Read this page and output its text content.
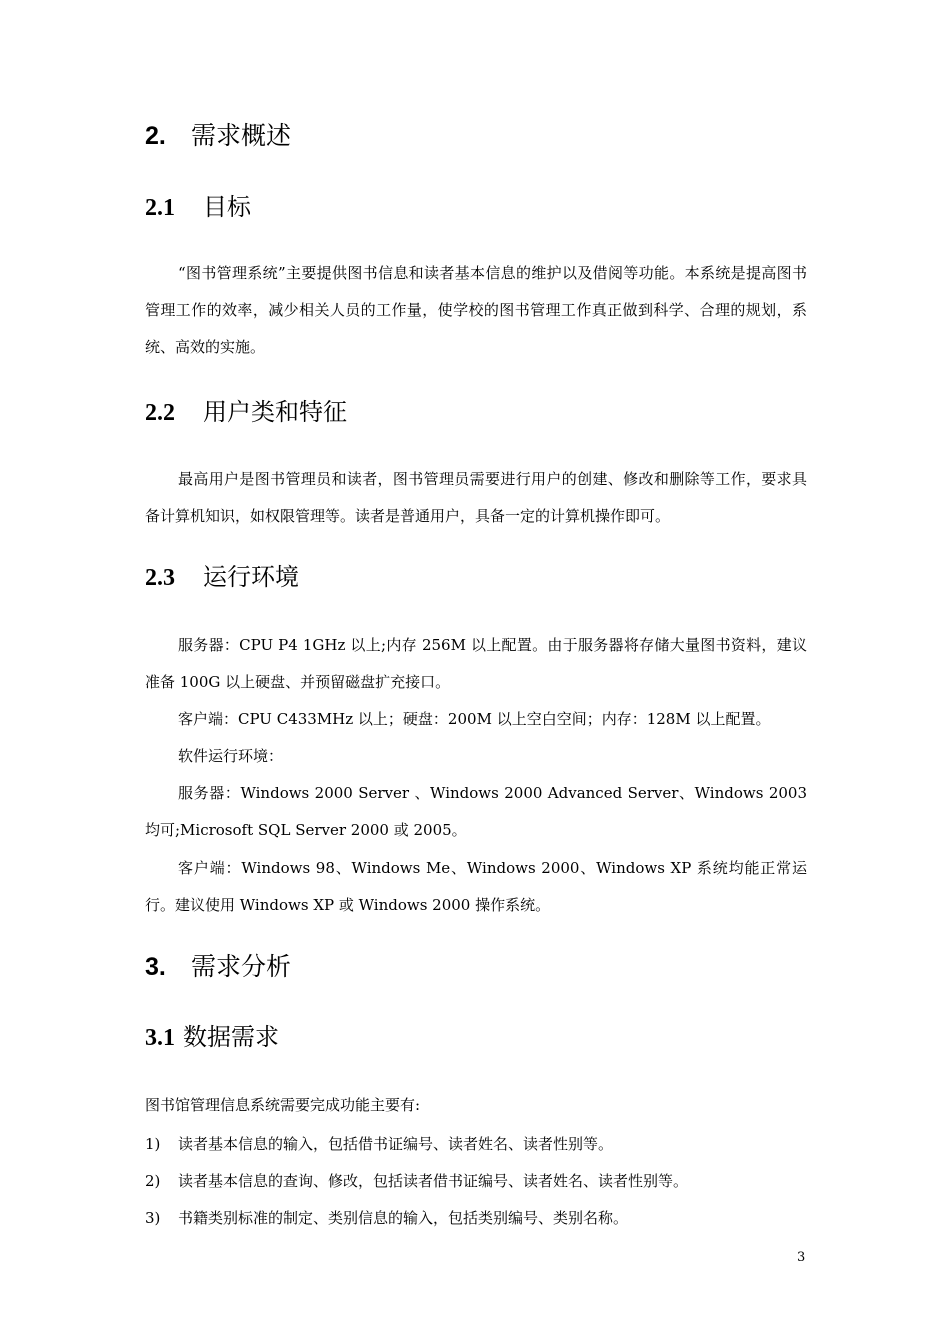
2. 需求概述
2.1 目标

“图书管理系统”主要提供图书信息和读者基本信息的维护以及借阅等功能。本系统是提高图书管理工作的效率，减少相关人员的工作量，使学校的图书管理工作真正做到科学、合理的规划，系统、高效的实施。

2.2 用户类和特征

最高用户是图书管理员和读者，图书管理员需要进行用户的创建、修改和删除等工作，要求具备计算机知识，如权限管理等。读者是普通用户，具备一定的计算机操作即可。

2.3 运行环境

服务器：CPU P4 1GHz 以上;内存 256M 以上配置。由于服务器将存储大量图书资料，建议准备 100G 以上硬盘、并预留磁盘扩充接口。

客户端：CPU C433MHz 以上；硬盘：200M 以上空白空间；内存：128M 以上配置。

软件运行环境：

服务器：Windows 2000 Server 、Windows 2000 Advanced Server、Windows 2003 均可;Microsoft SQL Server 2000 或 2005。

客户端：Windows 98、Windows Me、Windows 2000、Windows XP 系统均能正常运行。建议使用 Windows XP 或 Windows 2000 操作系统。

3. 需求分析
3.1 数据需求

图书馆管理信息系统需要完成功能主要有:

1) 读者基本信息的输入，包括借书证编号、读者姓名、读者性别等。
2) 读者基本信息的查询、修改，包括读者借书证编号、读者姓名、读者性别等。
3) 书籍类别标准的制定、类别信息的输入，包括类别编号、类别名称。
3
